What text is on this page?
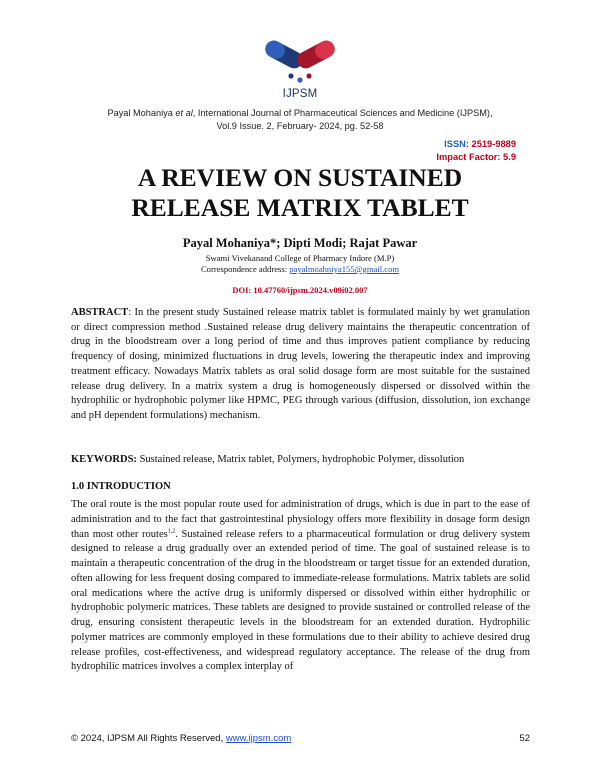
IJPSM
Payal Mohaniya et al, International Journal of Pharmaceutical Sciences and Medicine (IJPSM),
Vol.9 Issue. 2, February- 2024, pg. 52-58
ISSN: 2519-9889
Impact Factor: 5.9
A REVIEW ON SUSTAINED
RELEASE MATRIX TABLET
Payal Mohaniya*; Dipti Modi; Rajat Pawar
Swami Vivekanand College of Pharmacy Indore (M.P)
Correspondence address: payalmoahniya155@gmail.com
DOI: 10.47760/ijpsm.2024.v09i02.007
ABSTRACT: In the present study Sustained release matrix tablet is formulated mainly by wet granulation or direct compression method .Sustained release drug delivery maintains the therapeutic concentration of drug in the bloodstream over a long period of time and thus improves patient compliance by reducing frequency of dosing, minimized fluctuations in drug levels, lowering the therapeutic index and improving treatment efficacy. Nowadays Matrix tablets as oral solid dosage form are most suitable for the sustained release drug delivery. In a matrix system a drug is homogeneously dispersed or dissolved within the hydrophilic or hydrophobic polymer like HPMC, PEG through various (diffusion, dissolution, ion exchange and pH dependent formulations) mechanism.
KEYWORDS: Sustained release, Matrix tablet, Polymers, hydrophobic Polymer, dissolution
1.0 INTRODUCTION
The oral route is the most popular route used for administration of drugs, which is due in part to the ease of administration and to the fact that gastrointestinal physiology offers more flexibility in dosage form design than most other routes$^{1,2}$. Sustained release refers to a pharmaceutical formulation or drug delivery system designed to release a drug gradually over an extended period of time. The goal of sustained release is to maintain a therapeutic concentration of the drug in the bloodstream or target tissue for an extended duration, often allowing for less frequent dosing compared to immediate-release formulations. Matrix tablets are solid oral medications where the active drug is uniformly dispersed or dissolved within either hydrophilic or hydrophobic polymeric matrices. These tablets are designed to provide sustained or controlled release of the drug, ensuring consistent therapeutic levels in the bloodstream for an extended duration. Hydrophilic polymer matrices are commonly employed in these formulations due to their ability to achieve desired drug release profiles, cost-effectiveness, and widespread regulatory acceptance. The release of the drug from hydrophilic matrices involves a complex interplay of
© 2024, IJPSM All Rights Reserved, www.ijpsm.com	52
